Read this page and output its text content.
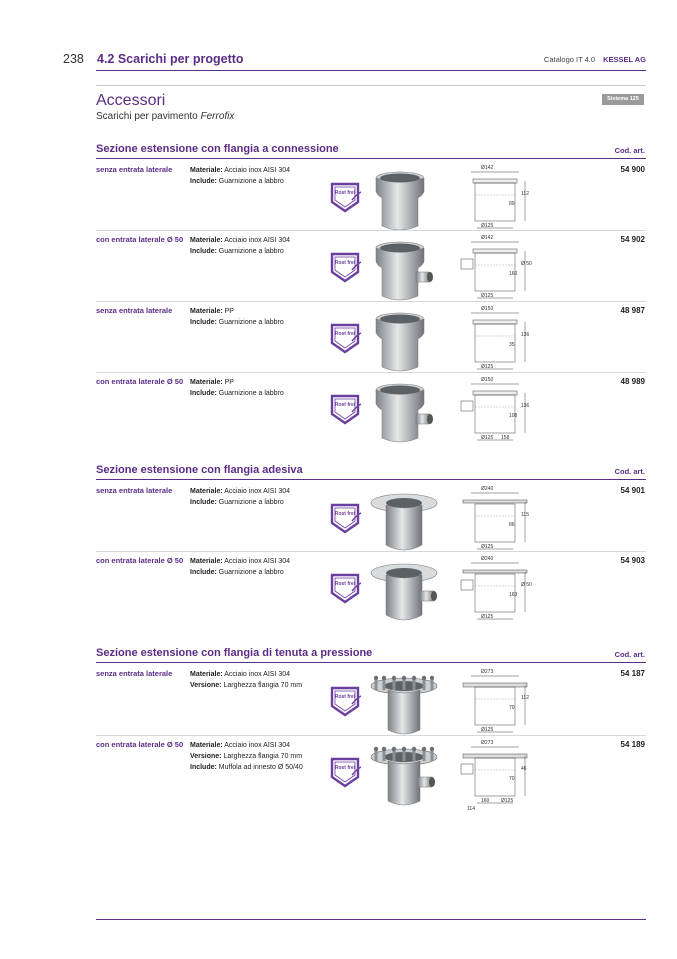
238 4.2 Scarichi per progetto	Catalogo IT 4.0 KESSEL AG
Accessori
Scarichi per pavimento Ferrofix
Sistema 125
Sezione estensione con flangia a connessione	Cod. art.
senza entrata laterale	Materiale: Acciaio inox AISI 304
Include: Guarnizione a labbro
54 900
Rost frei
Ø142
112
89
Ø125
con entrata laterale Ø 50 Materiale: Acciaio inox AISI 304
Include: Guarnizione a labbro
54 902
Rost frei
Ø142
Ø 50
160
Ø125
senza entrata laterale	Materiale: PP
Include: Guarnizione a labbro
48 987
Rost frei
Ø150
136
35
Ø125
con entrata laterale Ø 50 Materiale: PP
Include: Guarnizione a labbro
48 989
Rost frei
Ø150
136
108
Ø125 158
Sezione estensione con flangia adesiva	Cod. art.
senza entrata laterale	Materiale: Acciaio inox AISI 304
Include: Guarnizione a labbro
54 901
Rost frei
Ø240
115
86
Ø125
con entrata laterale Ø 50 Materiale: Acciaio inox AISI 304
Include: Guarnizione a labbro
54 903
Rost frei
Ø240
Ø 50
163
Ø125
Sezione estensione con flangia di tenuta a pressione	Cod. art.
senza entrata laterale	Materiale: Acciaio inox AISI 304
Versione: Larghezza flangia 70 mm
54 187
Rost frei
Ø273
112
70
Ø125
con entrata laterale Ø 50 Materiale: Acciaio inox AISI 304
Versione: Larghezza flangia 70 mm
Include: Muffola ad innesto Ø 50/40
54 189
Rost frei
Ø273
46
70
160 Ø125
114
